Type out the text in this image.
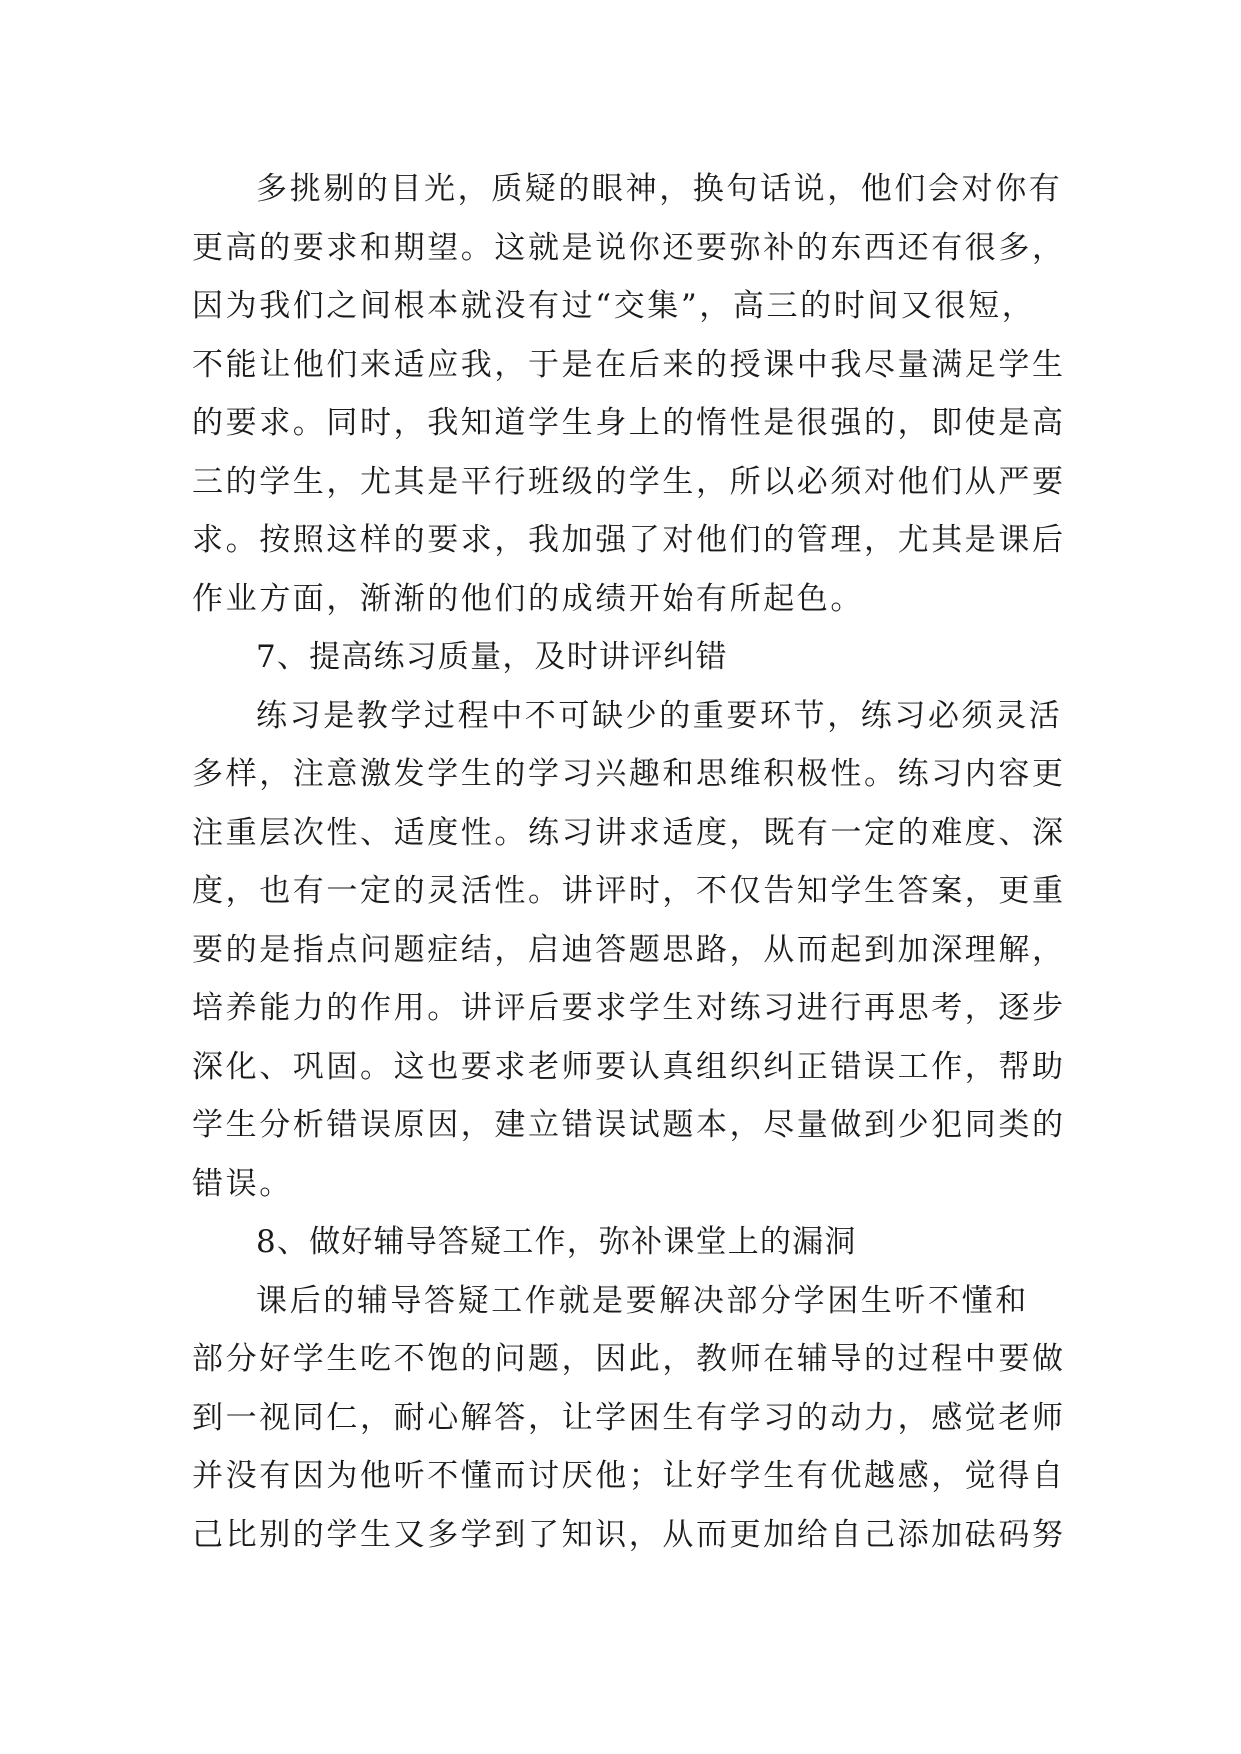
多挑剔的目光，质疑的眼神，换句话说，他们会对你有
更高的要求和期望。这就是说你还要弥补的东西还有很多，
因为我们之间根本就没有过“交集”，高三的时间又很短，
不能让他们来适应我，于是在后来的授课中我尽量满足学生
的要求。同时，我知道学生身上的惰性是很强的，即使是高
三的学生，尤其是平行班级的学生，所以必须对他们从严要
求。按照这样的要求，我加强了对他们的管理，尤其是课后
作业方面，渐渐的他们的成绩开始有所起色。
7、提高练习质量，及时讲评纠错
练习是教学过程中不可缺少的重要环节，练习必须灵活
多样，注意激发学生的学习兴趣和思维积极性。练习内容更
注重层次性、适度性。练习讲求适度，既有一定的难度、深
度，也有一定的灵活性。讲评时，不仅告知学生答案，更重
要的是指点问题症结，启迪答题思路，从而起到加深理解，
培养能力的作用。讲评后要求学生对练习进行再思考，逐步
深化、巩固。这也要求老师要认真组织纠正错误工作，帮助
学生分析错误原因，建立错误试题本，尽量做到少犯同类的
错误。
8、做好辅导答疑工作，弥补课堂上的漏洞
课后的辅导答疑工作就是要解决部分学困生听不懂和
部分好学生吃不饱的问题，因此，教师在辅导的过程中要做
到一视同仁，耐心解答，让学困生有学习的动力，感觉老师
并没有因为他听不懂而讨厌他；让好学生有优越感，觉得自
己比别的学生又多学到了知识，从而更加给自己添加砝码努
